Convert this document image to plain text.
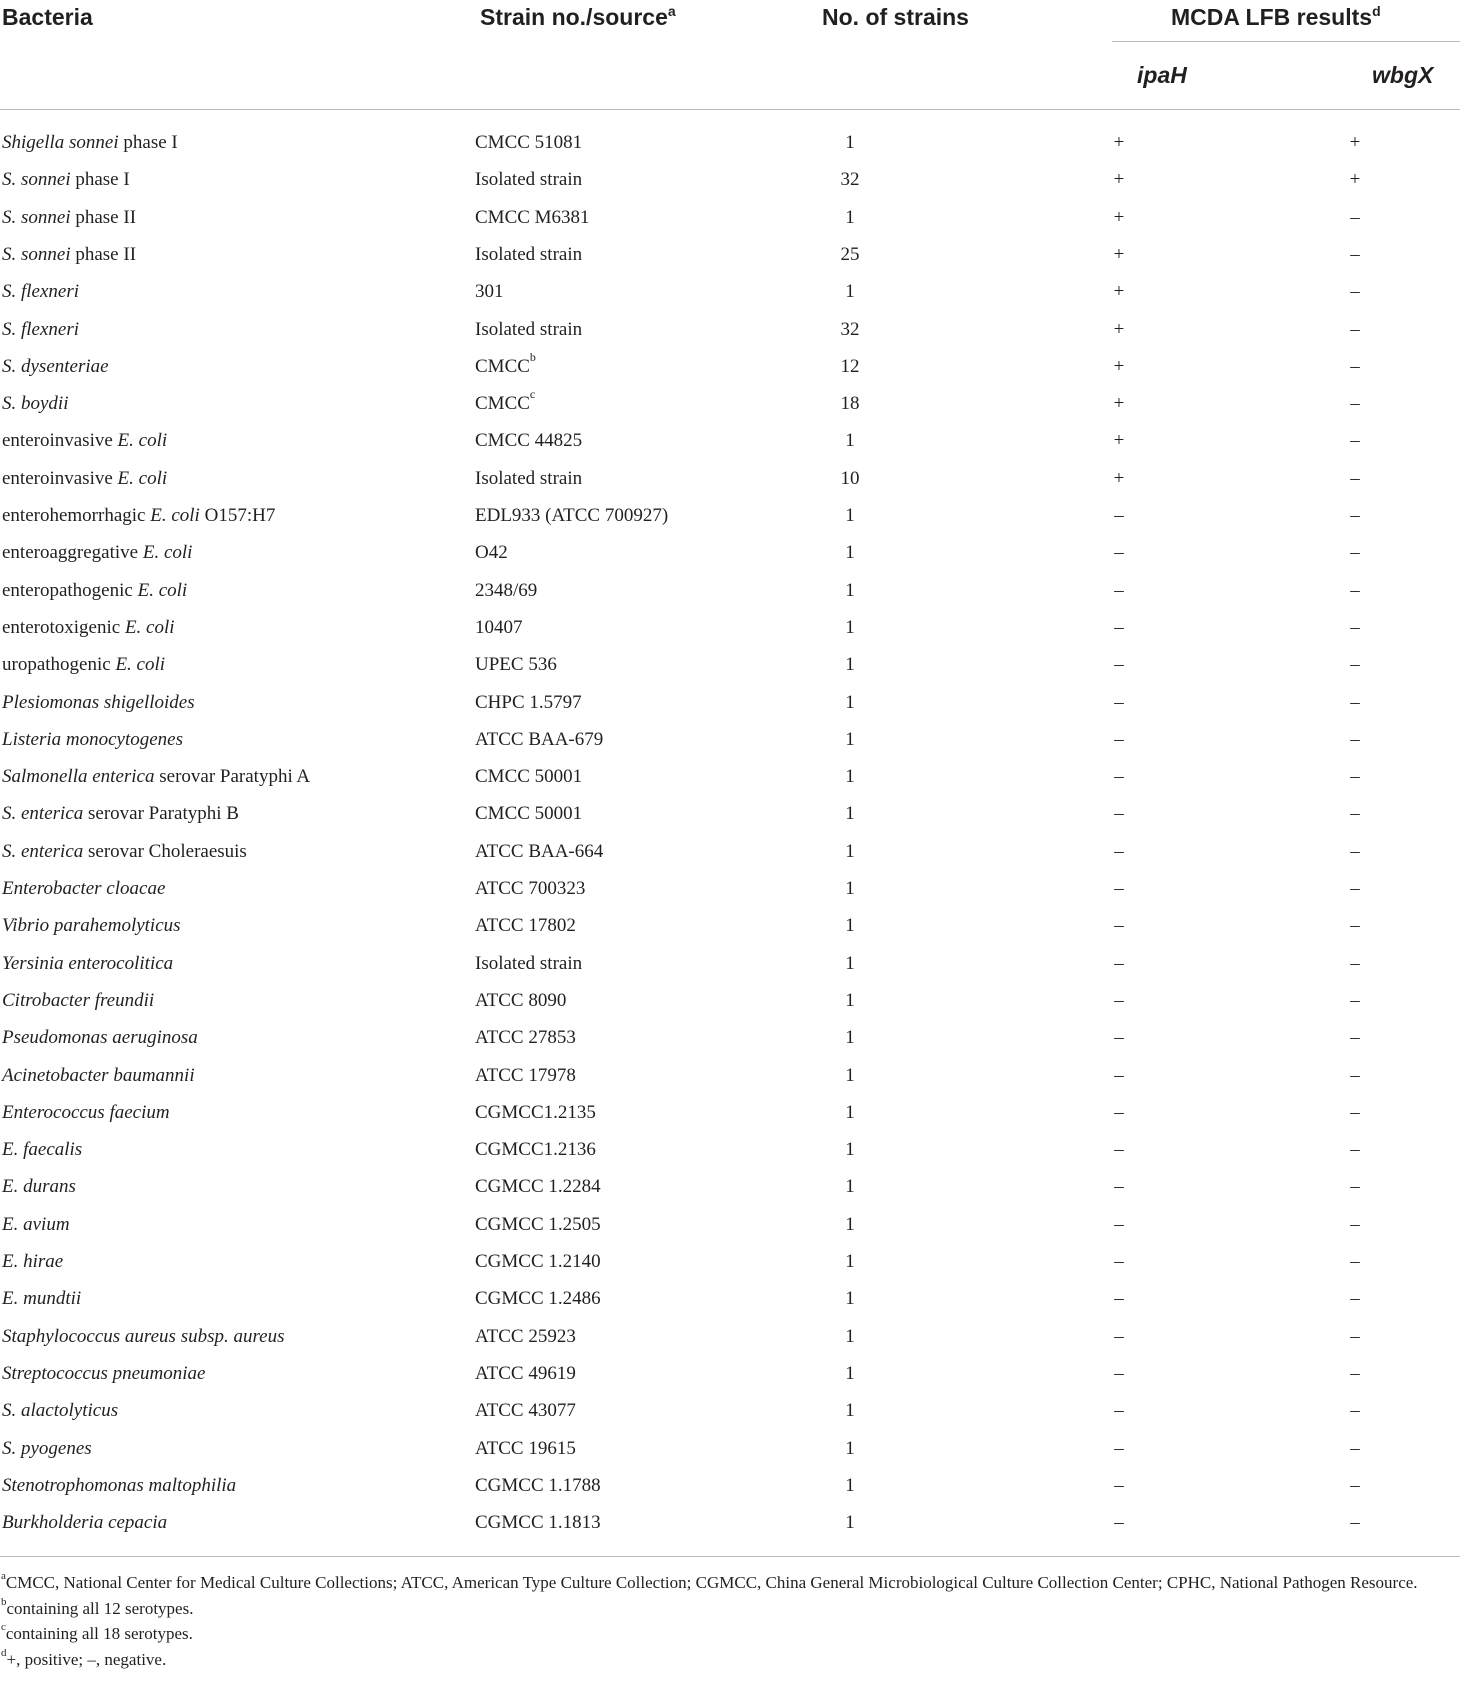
Bacteria	Strain no./source$^a$	No. of strains	MCDA LFB results$^d$
ipaH	wbgX
Shigella sonnei phase I	CMCC 51081	1	+	+
S. sonnei phase I	Isolated strain	32	+	+
S. sonnei phase II	CMCC M6381	1	+	–
S. sonnei phase II	Isolated strain	25	+	–
S. flexneri	301	1	+	–
S. flexneri	Isolated strain	32	+	–
S. dysenteriae	CMCC$^b$	12	+	–
S. boydii	CMCC$^c$	18	+	–
enteroinvasive E. coli	CMCC 44825	1	+	–
enteroinvasive E. coli	Isolated strain	10	+	–
enterohemorrhagic E. coli O157:H7	EDL933 (ATCC 700927)	1	–	–
enteroaggregative E. coli	O42	1	–	–
enteropathogenic E. coli	2348/69	1	–	–
enterotoxigenic E. coli	10407	1	–	–
uropathogenic E. coli	UPEC 536	1	–	–
Plesiomonas shigelloides	CHPC 1.5797	1	–	–
Listeria monocytogenes	ATCC BAA-679	1	–	–
Salmonella enterica serovar Paratyphi A	CMCC 50001	1	–	–
S. enterica serovar Paratyphi B	CMCC 50001	1	–	–
S. enterica serovar Choleraesuis	ATCC BAA-664	1	–	–
Enterobacter cloacae	ATCC 700323	1	–	–
Vibrio parahemolyticus	ATCC 17802	1	–	–
Yersinia enterocolitica	Isolated strain	1	–	–
Citrobacter freundii	ATCC 8090	1	–	–
Pseudomonas aeruginosa	ATCC 27853	1	–	–
Acinetobacter baumannii	ATCC 17978	1	–	–
Enterococcus faecium	CGMCC1.2135	1	–	–
E. faecalis	CGMCC1.2136	1	–	–
E. durans	CGMCC 1.2284	1	–	–
E. avium	CGMCC 1.2505	1	–	–
E. hirae	CGMCC 1.2140	1	–	–
E. mundtii	CGMCC 1.2486	1	–	–
Staphylococcus aureus subsp. aureus	ATCC 25923	1	–	–
Streptococcus pneumoniae	ATCC 49619	1	–	–
S. alactolyticus	ATCC 43077	1	–	–
S. pyogenes	ATCC 19615	1	–	–
Stenotrophomonas maltophilia	CGMCC 1.1788	1	–	–
Burkholderia cepacia	CGMCC 1.1813	1	–	–
$^a$CMCC, National Center for Medical Culture Collections; ATCC, American Type Culture Collection; CGMCC, China General Microbiological Culture Collection Center; CPHC, National Pathogen Resource.
$^b$containing all 12 serotypes.
$^c$containing all 18 serotypes.
$^d$+, positive; –, negative.
